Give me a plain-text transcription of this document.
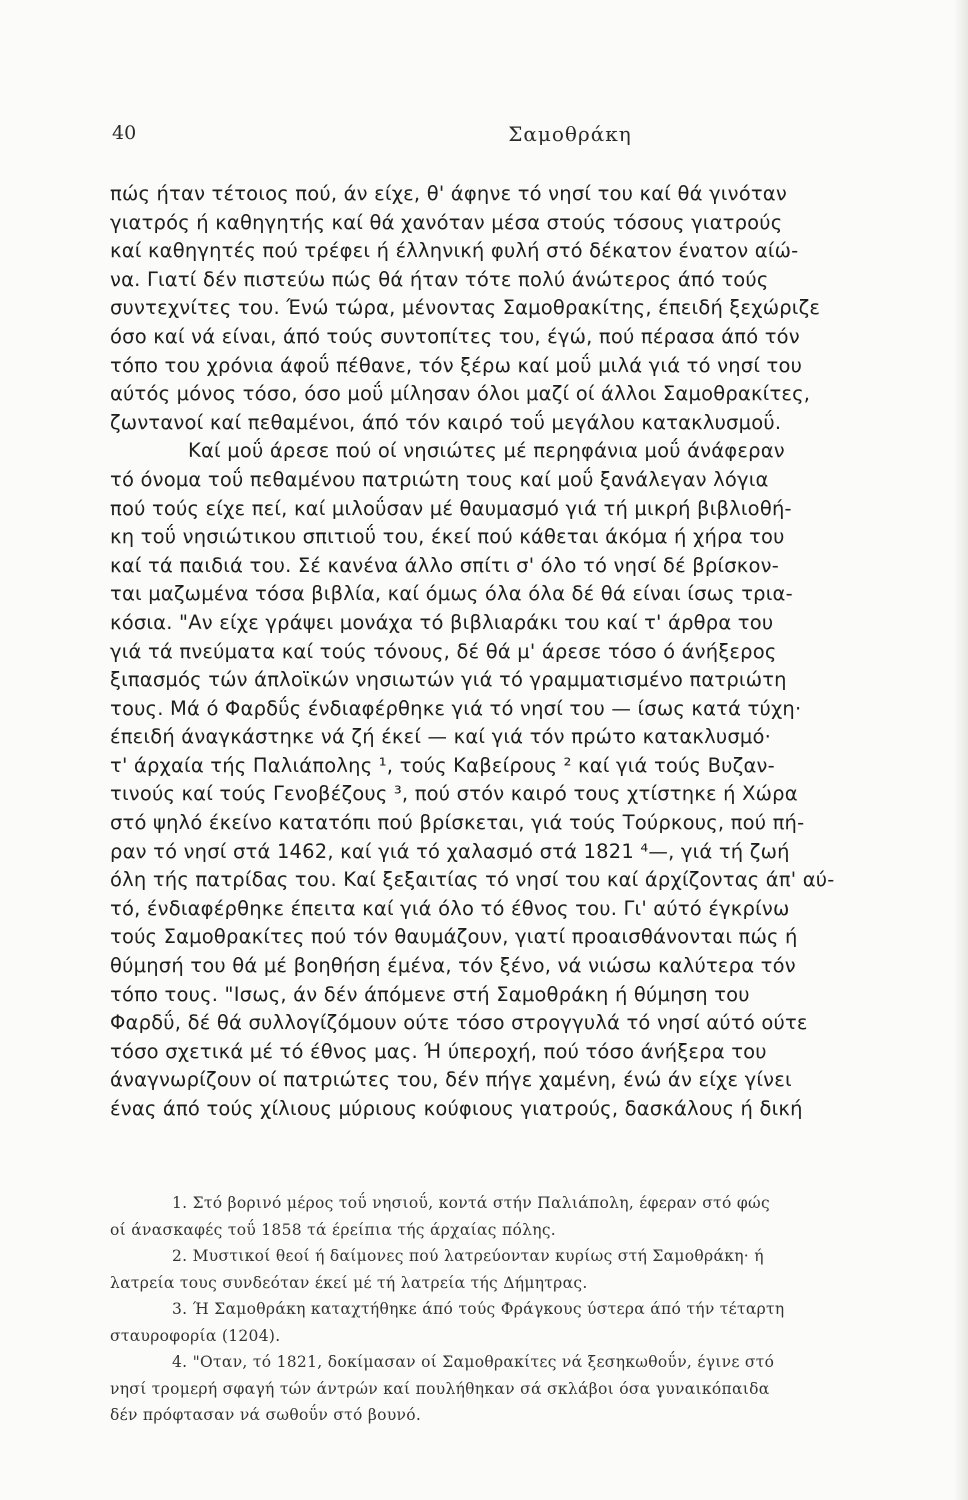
40	Σαμοθράκη
πώς ήταν τέτοιος πού, άν είχε, θ' άφηνε τό νησί του καί θά γινόταν
γιατρός ή καθηγητής καί θά χανόταν μέσα στούς τόσους γιατρούς
καί καθηγητές πού τρέφει ή έλληνική φυλή στό δέκατον ένατον αίώ-
να. Γιατί δέν πιστεύω πώς θά ήταν τότε πολύ άνώτερος άπό τούς
συντεχνίτες του. Ένώ τώρα, μένοντας Σαμοθρακίτης, έπειδή ξεχώριζε
όσο καί νά είναι, άπό τούς συντοπίτες του, έγώ, πού πέρασα άπό τόν
τόπο του χρόνια άφοΰ πέθανε, τόν ξέρω καί μοΰ μιλά γιά τό νησί του
αύτός μόνος τόσο, όσο μοΰ μίλησαν όλοι μαζί οί άλλοι Σαμοθρακίτες,
ζωντανοί καί πεθαμένοι, άπό τόν καιρό τοΰ μεγάλου κατακλυσμοΰ.
Καί μοΰ άρεσε πού οί νησιώτες μέ περηφάνια μοΰ άνάφεραν
τό όνομα τοΰ πεθαμένου πατριώτη τους καί μοΰ ξανάλεγαν λόγια
πού τούς είχε πεί, καί μιλοΰσαν μέ θαυμασμό γιά τή μικρή βιβλιοθή-
κη τοΰ νησιώτικου σπιτιοΰ του, έκεί πού κάθεται άκόμα ή χήρα του
καί τά παιδιά του. Σέ κανένα άλλο σπίτι σ' όλο τό νησί δέ βρίσκον-
ται μαζωμένα τόσα βιβλία, καί όμως όλα όλα δέ θά είναι ίσως τρια-
κόσια. "Αν είχε γράψει μονάχα τό βιβλιαράκι του καί τ' άρθρα του
γιά τά πνεύματα καί τούς τόνους, δέ θά μ' άρεσε τόσο ό άνήξερος
ξιπασμός τών άπλοϊκών νησιωτών γιά τό γραμματισμένο πατριώτη
τους. Μά ό Φαρδΰς ένδιαφέρθηκε γιά τό νησί του — ίσως κατά τύχη·
έπειδή άναγκάστηκε νά ζή έκεί — καί γιά τόν πρώτο κατακλυσμό·
τ' άρχαία τής Παλιάπολης ¹, τούς Καβείρους ² καί γιά τούς Βυζαν-
τινούς καί τούς Γενοβέζους ³, πού στόν καιρό τους χτίστηκε ή Χώρα
στό ψηλό έκείνο κατατόπι πού βρίσκεται, γιά τούς Τούρκους, πού πή-
ραν τό νησί στά 1462, καί γιά τό χαλασμό στά 1821 ⁴—, γιά τή ζωή
όλη τής πατρίδας του. Καί ξεξαιτίας τό νησί του καί άρχίζοντας άπ' αύ-
τό, ένδιαφέρθηκε έπειτα καί γιά όλο τό έθνος του. Γι' αύτό έγκρίνω
τούς Σαμοθρακίτες πού τόν θαυμάζουν, γιατί προαισθάνονται πώς ή
θύμησή του θά μέ βοηθήση έμένα, τόν ξένο, νά νιώσω καλύτερα τόν
τόπο τους. "Ισως, άν δέν άπόμενε στή Σαμοθράκη ή θύμηση του
Φαρδΰ, δέ θά συλλογίζόμουν ούτε τόσο στρογγυλά τό νησί αύτό ούτε
τόσο σχετικά μέ τό έθνος μας. Ή ύπεροχή, πού τόσο άνήξερα του
άναγνωρίζουν οί πατριώτες του, δέν πήγε χαμένη, ένώ άν είχε γίνει
ένας άπό τούς χίλιους μύριους κούφιους γιατρούς, δασκάλους ή δική
1. Στό βορινό μέρος τοΰ νησιοΰ, κοντά στήν Παλιάπολη, έφεραν στό φώς
οί άνασκαφές τοΰ 1858 τά έρείπια τής άρχαίας πόλης.
2. Μυστικοί θεοί ή δαίμονες πού λατρεύονταν κυρίως στή Σαμοθράκη· ή
λατρεία τους συνδεόταν έκεί μέ τή λατρεία τής Δήμητρας.
3. Ή Σαμοθράκη καταχτήθηκε άπό τούς Φράγκους ύστερα άπό τήν τέταρτη
σταυροφορία (1204).
4. "Οταν, τό 1821, δοκίμασαν οί Σαμοθρακίτες νά ξεσηκωθοΰν, έγινε στό
νησί τρομερή σφαγή τών άντρών καί πουλήθηκαν σά σκλάβοι όσα γυναικόπαιδα
δέν πρόφτασαν νά σωθοΰν στό βουνό.
